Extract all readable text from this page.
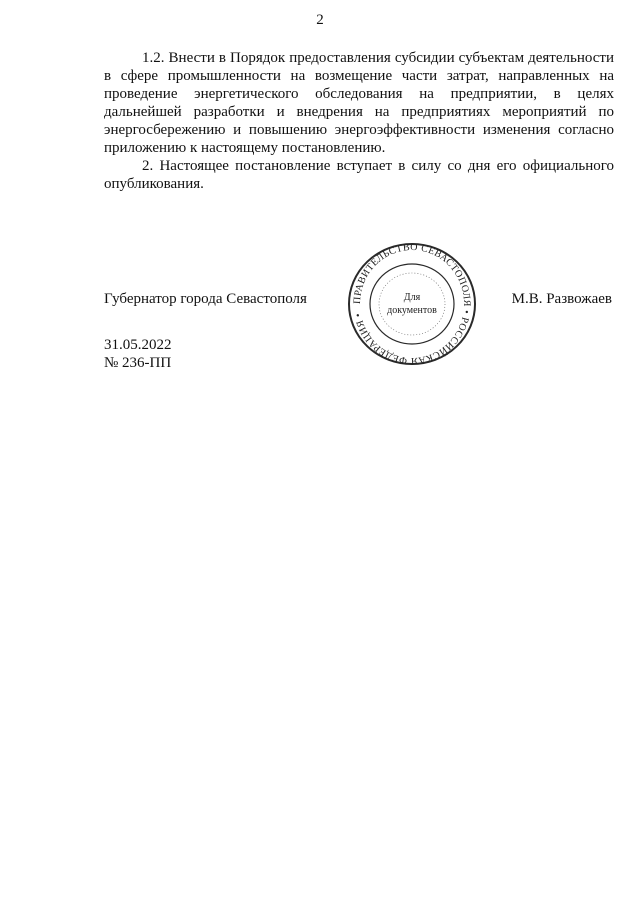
2

1.2. Внести в Порядок предоставления субсидии субъектам деятельности в сфере промышленности на возмещение части затрат, направленных на проведение энергетического обследования на предприятии, в целях дальнейшей разработки и внедрения на предприятиях мероприятий по энергосбережению и повышению энергоэффективности изменения согласно приложению к настоящему постановлению.

2. Настоящее постановление вступает в силу со дня его официального опубликования.

Губернатор города Севастополя	ПРАВИТЕЛЬСТВО СЕВАСТОПОЛЯ • РОССИЙСКАЯ ФЕДЕРАЦИЯ •
Для
документов
М.В. Развожаев
31.05.2022
№ 236-ПП
